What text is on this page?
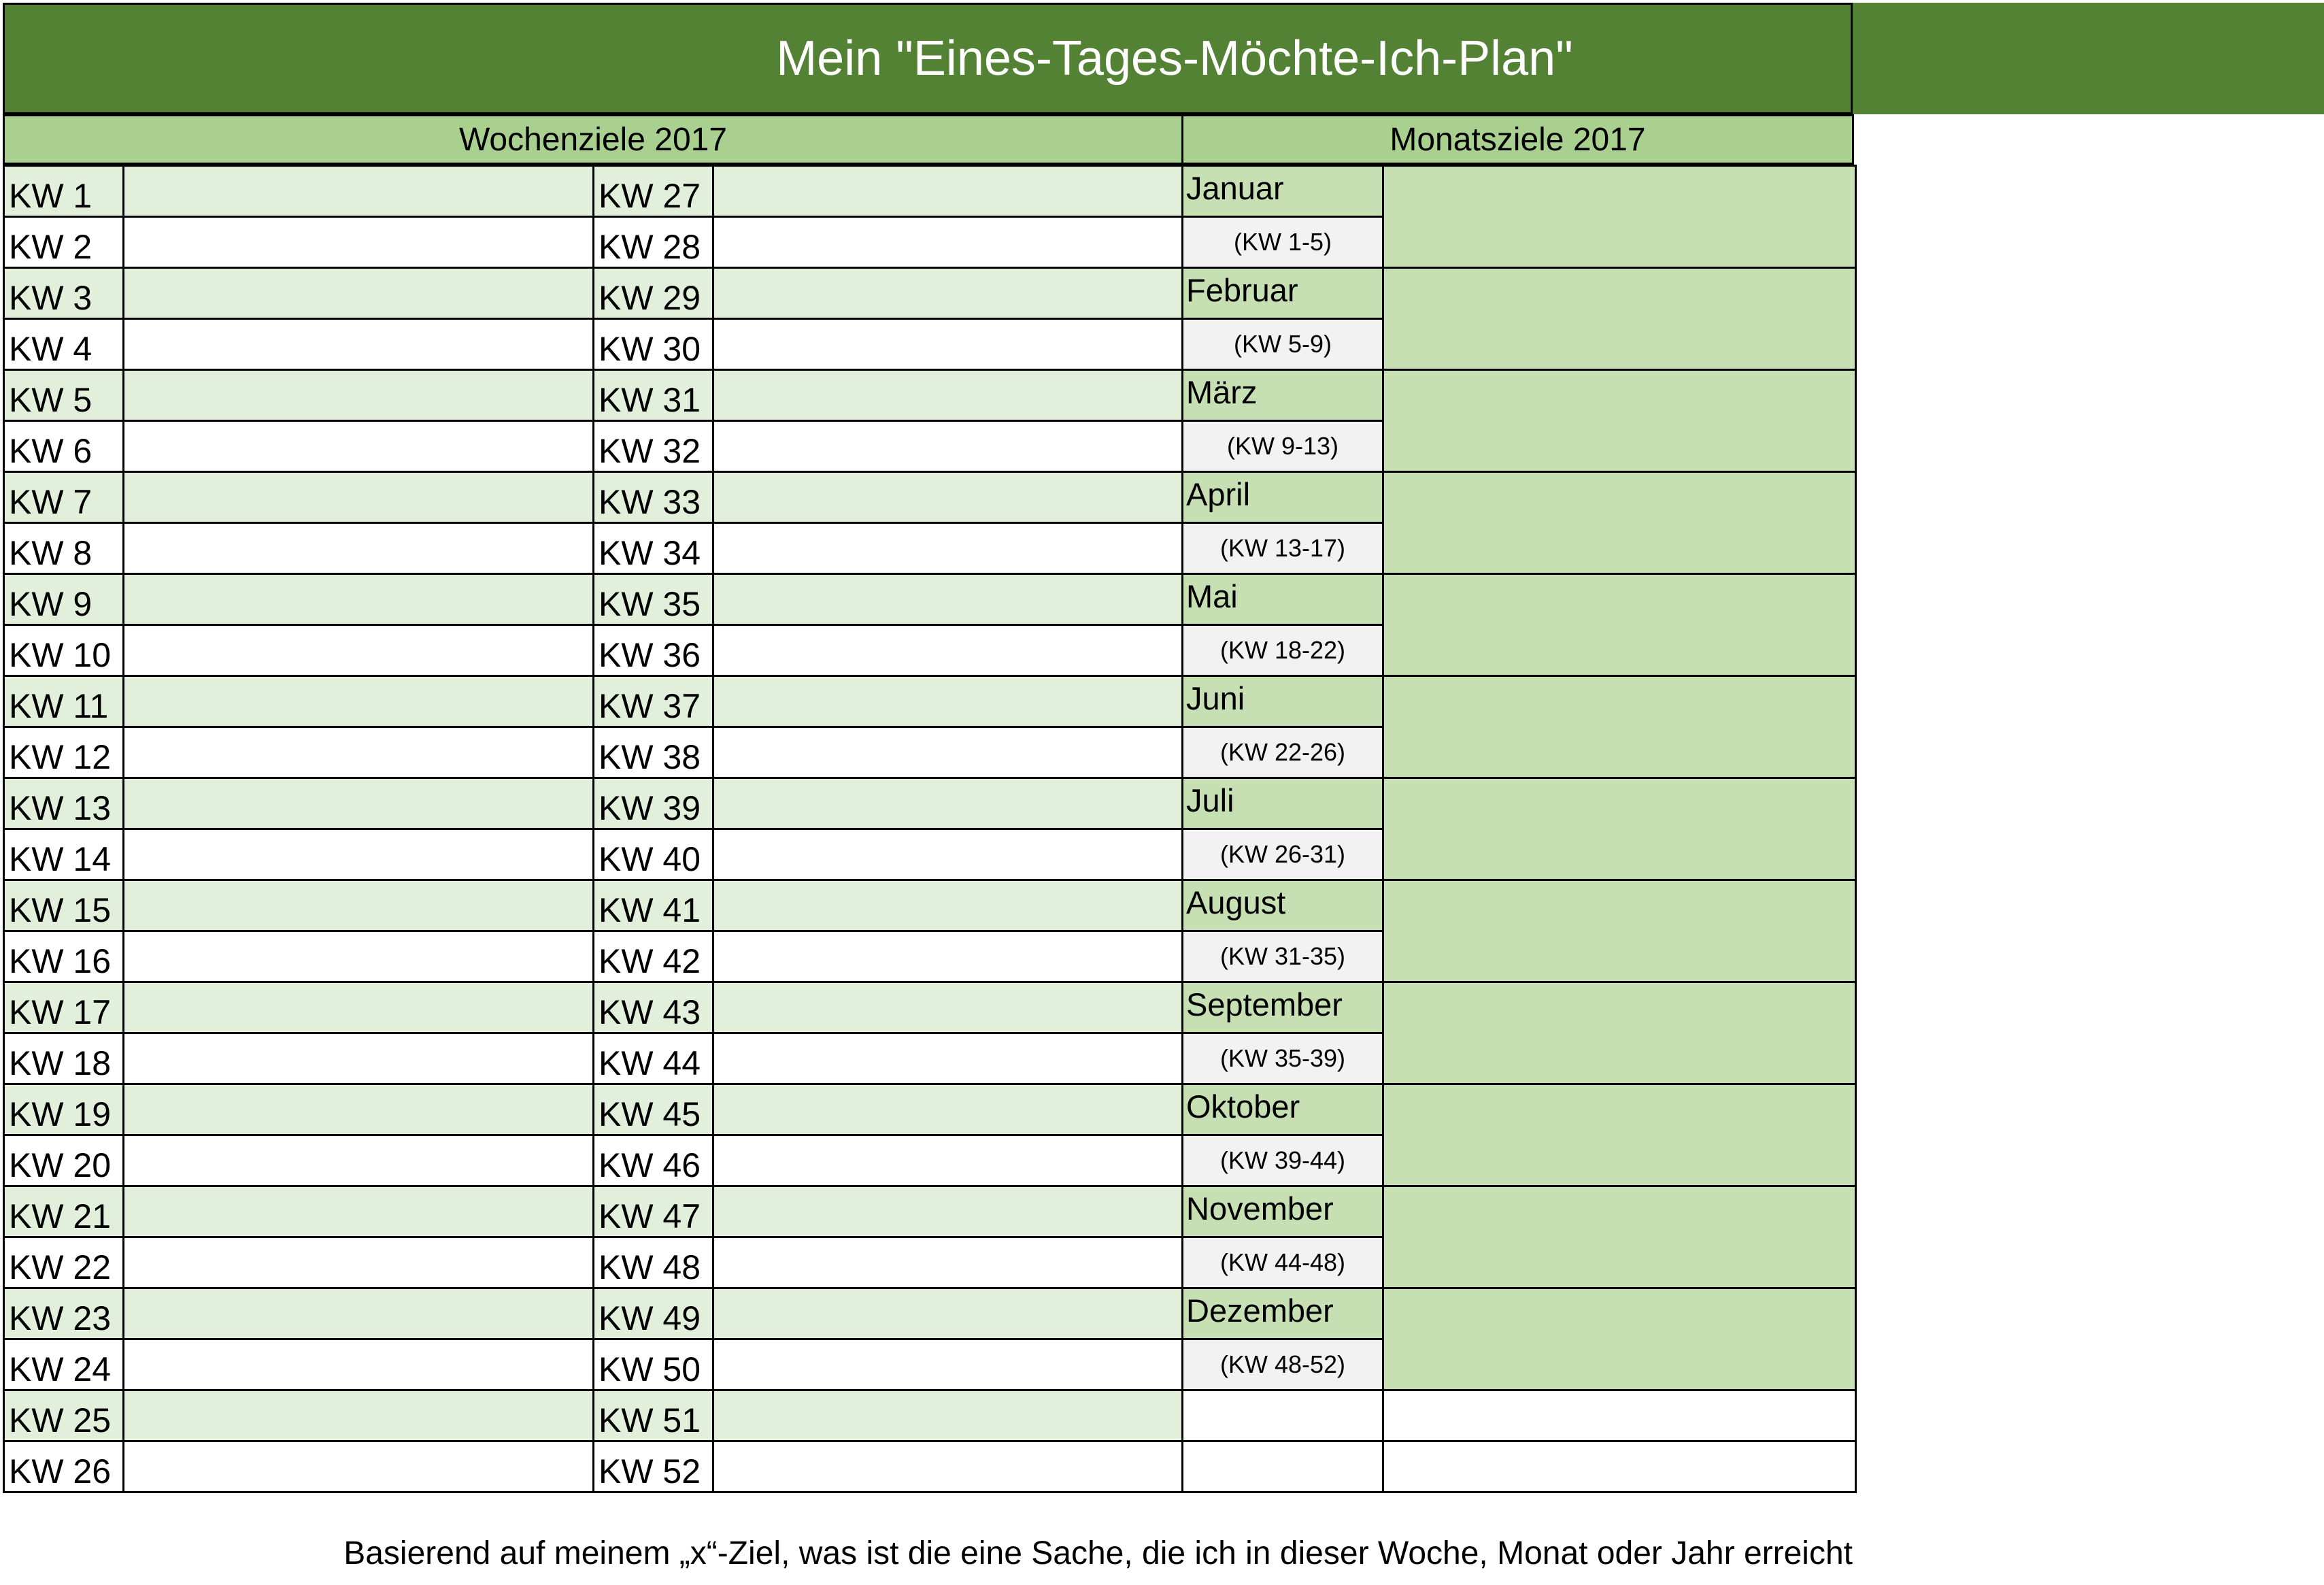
Mein "Eines-Tages-Möchte-Ich-Plan"
Wochenziele 2017	Monatsziele 2017
KW 1	KW 27
KW 2	KW 28
KW 3	KW 29
KW 4	KW 30
KW 5	KW 31
KW 6	KW 32
KW 7	KW 33
KW 8	KW 34
KW 9	KW 35
KW 10	KW 36
KW 11	KW 37
KW 12	KW 38
KW 13	KW 39
KW 14	KW 40
KW 15	KW 41
KW 16	KW 42
KW 17	KW 43
KW 18	KW 44
KW 19	KW 45
KW 20	KW 46
KW 21	KW 47
KW 22	KW 48
KW 23	KW 49
KW 24	KW 50
KW 25	KW 51
KW 26	KW 52
Januar
(KW 1-5)
Februar
(KW 5-9)
März
(KW 9-13)
April
(KW 13-17)
Mai
(KW 18-22)
Juni
(KW 22-26)
Juli
(KW 26-31)
August
(KW 31-35)
September
(KW 35-39)
Oktober
(KW 39-44)
November
(KW 44-48)
Dezember
(KW 48-52)
Basierend auf meinem „x“-Ziel, was ist die eine Sache, die ich in dieser Woche, Monat oder Jahr erreicht
